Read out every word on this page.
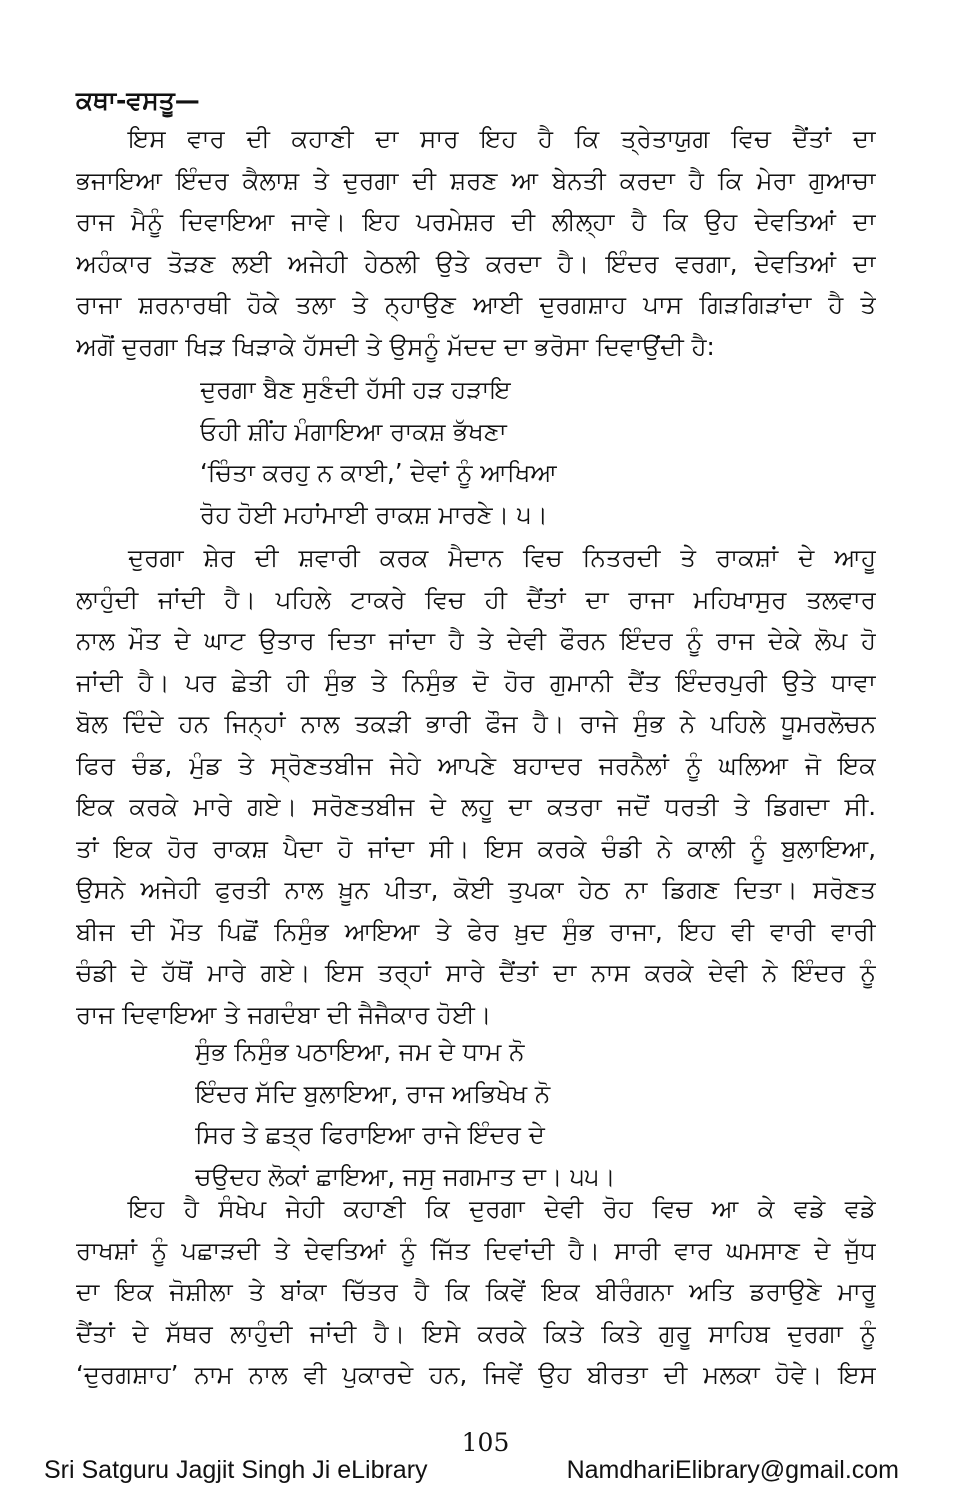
ਕਥਾ-ਵਸਤੂ—
ਇਸ ਵਾਰ ਦੀ ਕਹਾਣੀ ਦਾ ਸਾਰ ਇਹ ਹੈ ਕਿ ਤ੍ਰੇਤਾਯੁਗ ਵਿਚ ਦੈਂਤਾਂ ਦਾ
ਭਜਾਇਆ ਇੰਦਰ ਕੈਲਾਸ਼ ਤੇ ਦੁਰਗਾ ਦੀ ਸ਼ਰਣ ਆ ਬੇਨਤੀ ਕਰਦਾ ਹੈ ਕਿ ਮੇਰਾ ਗੁਆਚਾ
ਰਾਜ ਮੈਨੂੰ ਦਿਵਾਇਆ ਜਾਵੇ। ਇਹ ਪਰਮੇਸ਼ਰ ਦੀ ਲੀਲ੍ਹਾ ਹੈ ਕਿ ਉਹ ਦੇਵਤਿਆਂ ਦਾ
ਅਹੰਕਾਰ ਤੋੜਣ ਲਈ ਅਜੇਹੀ ਹੇਠਲੀ ਉਤੇ ਕਰਦਾ ਹੈ। ਇੰਦਰ ਵਰਗਾ, ਦੇਵਤਿਆਂ ਦਾ
ਰਾਜਾ ਸ਼ਰਨਾਰਥੀ ਹੋਕੇ ਤਲਾ ਤੇ ਨ੍ਹਾਉਣ ਆਈ ਦੁਰਗਸ਼ਾਹ ਪਾਸ ਗਿੜਗਿੜਾਂਦਾ ਹੈ ਤੇ
ਅਗੋਂ ਦੁਰਗਾ ਖਿੜ ਖਿੜਾਕੇ ਹੱਸਦੀ ਤੇ ਉਸਨੂੰ ਮੱਦਦ ਦਾ ਭਰੋਸਾ ਦਿਵਾਉਂਦੀ ਹੈ:
ਦੁਰਗਾ ਬੈਣ ਸੁਣੰਦੀ ਹੱਸੀ ਹੜ ਹੜਾਇ
ਓਹੀ ਸ਼ੀਂਹ ਮੰਗਾਇਆ ਰਾਕਸ਼ ਭੱਖਣਾ
‘ਚਿੰਤਾ ਕਰਹੁ ਨ ਕਾਈ,’ ਦੇਵਾਂ ਨੂੰ ਆਖਿਆ
ਰੋਹ ਹੋਈ ਮਹਾਂਮਾਈ ਰਾਕਸ਼ ਮਾਰਣੇ। ੫।
ਦੁਰਗਾ ਸ਼ੇਰ ਦੀ ਸ਼ਵਾਰੀ ਕਰਕ ਮੈਦਾਨ ਵਿਚ ਨਿਤਰਦੀ ਤੇ ਰਾਕਸ਼ਾਂ ਦੇ ਆਹੂ
ਲਾਹੁੰਦੀ ਜਾਂਦੀ ਹੈ। ਪਹਿਲੇ ਟਾਕਰੇ ਵਿਚ ਹੀ ਦੈਂਤਾਂ ਦਾ ਰਾਜਾ ਮਹਿਖਾਸੁਰ ਤਲਵਾਰ
ਨਾਲ ਮੌਤ ਦੇ ਘਾਟ ਉਤਾਰ ਦਿਤਾ ਜਾਂਦਾ ਹੈ ਤੇ ਦੇਵੀ ਫੌਰਨ ਇੰਦਰ ਨੂੰ ਰਾਜ ਦੇਕੇ ਲੋਪ ਹੋ
ਜਾਂਦੀ ਹੈ। ਪਰ ਛੇਤੀ ਹੀ ਸੁੰਭ ਤੇ ਨਿਸੁੰਭ ਦੋ ਹੋਰ ਗੁਮਾਨੀ ਦੈਂਤ ਇੰਦਰਪੁਰੀ ਉਤੇ ਧਾਵਾ
ਬੋਲ ਦਿੰਦੇ ਹਨ ਜਿਨ੍ਹਾਂ ਨਾਲ ਤਕੜੀ ਭਾਰੀ ਫੌਜ ਹੈ। ਰਾਜੇ ਸੁੰਭ ਨੇ ਪਹਿਲੇ ਧੂਮਰਲੋਚਨ
ਫਿਰ ਚੰਡ, ਮੁੰਡ ਤੇ ਸ੍ਰੋਣਤਬੀਜ ਜੇਹੇ ਆਪਣੇ ਬਹਾਦਰ ਜਰਨੈਲਾਂ ਨੂੰ ਘਲਿਆ ਜੋ ਇਕ
ਇਕ ਕਰਕੇ ਮਾਰੇ ਗਏ। ਸਰੋਣਤਬੀਜ ਦੇ ਲਹੂ ਦਾ ਕਤਰਾ ਜਦੋਂ ਧਰਤੀ ਤੇ ਡਿਗਦਾ ਸੀ.
ਤਾਂ ਇਕ ਹੋਰ ਰਾਕਸ਼ ਪੈਦਾ ਹੋ ਜਾਂਦਾ ਸੀ। ਇਸ ਕਰਕੇ ਚੰਡੀ ਨੇ ਕਾਲੀ ਨੂੰ ਬੁਲਾਇਆ,
ਉਸਨੇ ਅਜੇਹੀ ਫੁਰਤੀ ਨਾਲ ਖ਼ੂਨ ਪੀਤਾ, ਕੋਈ ਤੁਪਕਾ ਹੇਠ ਨਾ ਡਿਗਣ ਦਿਤਾ। ਸਰੋਣਤ
ਬੀਜ ਦੀ ਮੌਤ ਪਿਛੋਂ ਨਿਸੁੰਭ ਆਇਆ ਤੇ ਫੇਰ ਖ਼ੁਦ ਸੁੰਭ ਰਾਜਾ, ਇਹ ਵੀ ਵਾਰੀ ਵਾਰੀ
ਚੰਡੀ ਦੇ ਹੱਥੋਂ ਮਾਰੇ ਗਏ। ਇਸ ਤਰ੍ਹਾਂ ਸਾਰੇ ਦੈਂਤਾਂ ਦਾ ਨਾਸ ਕਰਕੇ ਦੇਵੀ ਨੇ ਇੰਦਰ ਨੂੰ
ਰਾਜ ਦਿਵਾਇਆ ਤੇ ਜਗਦੰਬਾ ਦੀ ਜੈਜੈਕਾਰ ਹੋਈ।
ਸੁੰਭ ਨਿਸੁੰਭ ਪਠਾਇਆ, ਜਮ ਦੇ ਧਾਮ ਨੋ
ਇੰਦਰ ਸੱਦਿ ਬੁਲਾਇਆ, ਰਾਜ ਅਭਿਖੇਖ ਨੋ
ਸਿਰ ਤੇ ਛਤ੍ਰ ਫਿਰਾਇਆ ਰਾਜੇ ਇੰਦਰ ਦੇ
ਚਉਦਹ ਲੋਕਾਂ ਛਾਇਆ, ਜਸੁ ਜਗਮਾਤ ਦਾ। ੫੫।
ਇਹ ਹੈ ਸੰਖੇਪ ਜੇਹੀ ਕਹਾਣੀ ਕਿ ਦੁਰਗਾ ਦੇਵੀ ਰੋਹ ਵਿਚ ਆ ਕੇ ਵਡੇ ਵਡੇ
ਰਾਖਸ਼ਾਂ ਨੂੰ ਪਛਾੜਦੀ ਤੇ ਦੇਵਤਿਆਂ ਨੂੰ ਜਿੱਤ ਦਿਵਾਂਦੀ ਹੈ। ਸਾਰੀ ਵਾਰ ਘਮਸਾਣ ਦੇ ਜੁੱਧ
ਦਾ ਇਕ ਜੋਸ਼ੀਲਾ ਤੇ ਬਾਂਕਾ ਚਿੱਤਰ ਹੈ ਕਿ ਕਿਵੇਂ ਇਕ ਬੀਰੰਗਨਾ ਅਤਿ ਡਰਾਉਣੇ ਮਾਰੂ
ਦੈਂਤਾਂ ਦੇ ਸੱਥਰ ਲਾਹੁੰਦੀ ਜਾਂਦੀ ਹੈ। ਇਸੇ ਕਰਕੇ ਕਿਤੇ ਕਿਤੇ ਗੁਰੂ ਸਾਹਿਬ ਦੁਰਗਾ ਨੂੰ
‘ਦੁਰਗਸ਼ਾਹ’ ਨਾਮ ਨਾਲ ਵੀ ਪੁਕਾਰਦੇ ਹਨ, ਜਿਵੇਂ ਉਹ ਬੀਰਤਾ ਦੀ ਮਲਕਾ ਹੋਵੇ। ਇਸ
105
Sri Satguru Jagjit Singh Ji eLibrary	NamdhariElibrary@gmail.com
